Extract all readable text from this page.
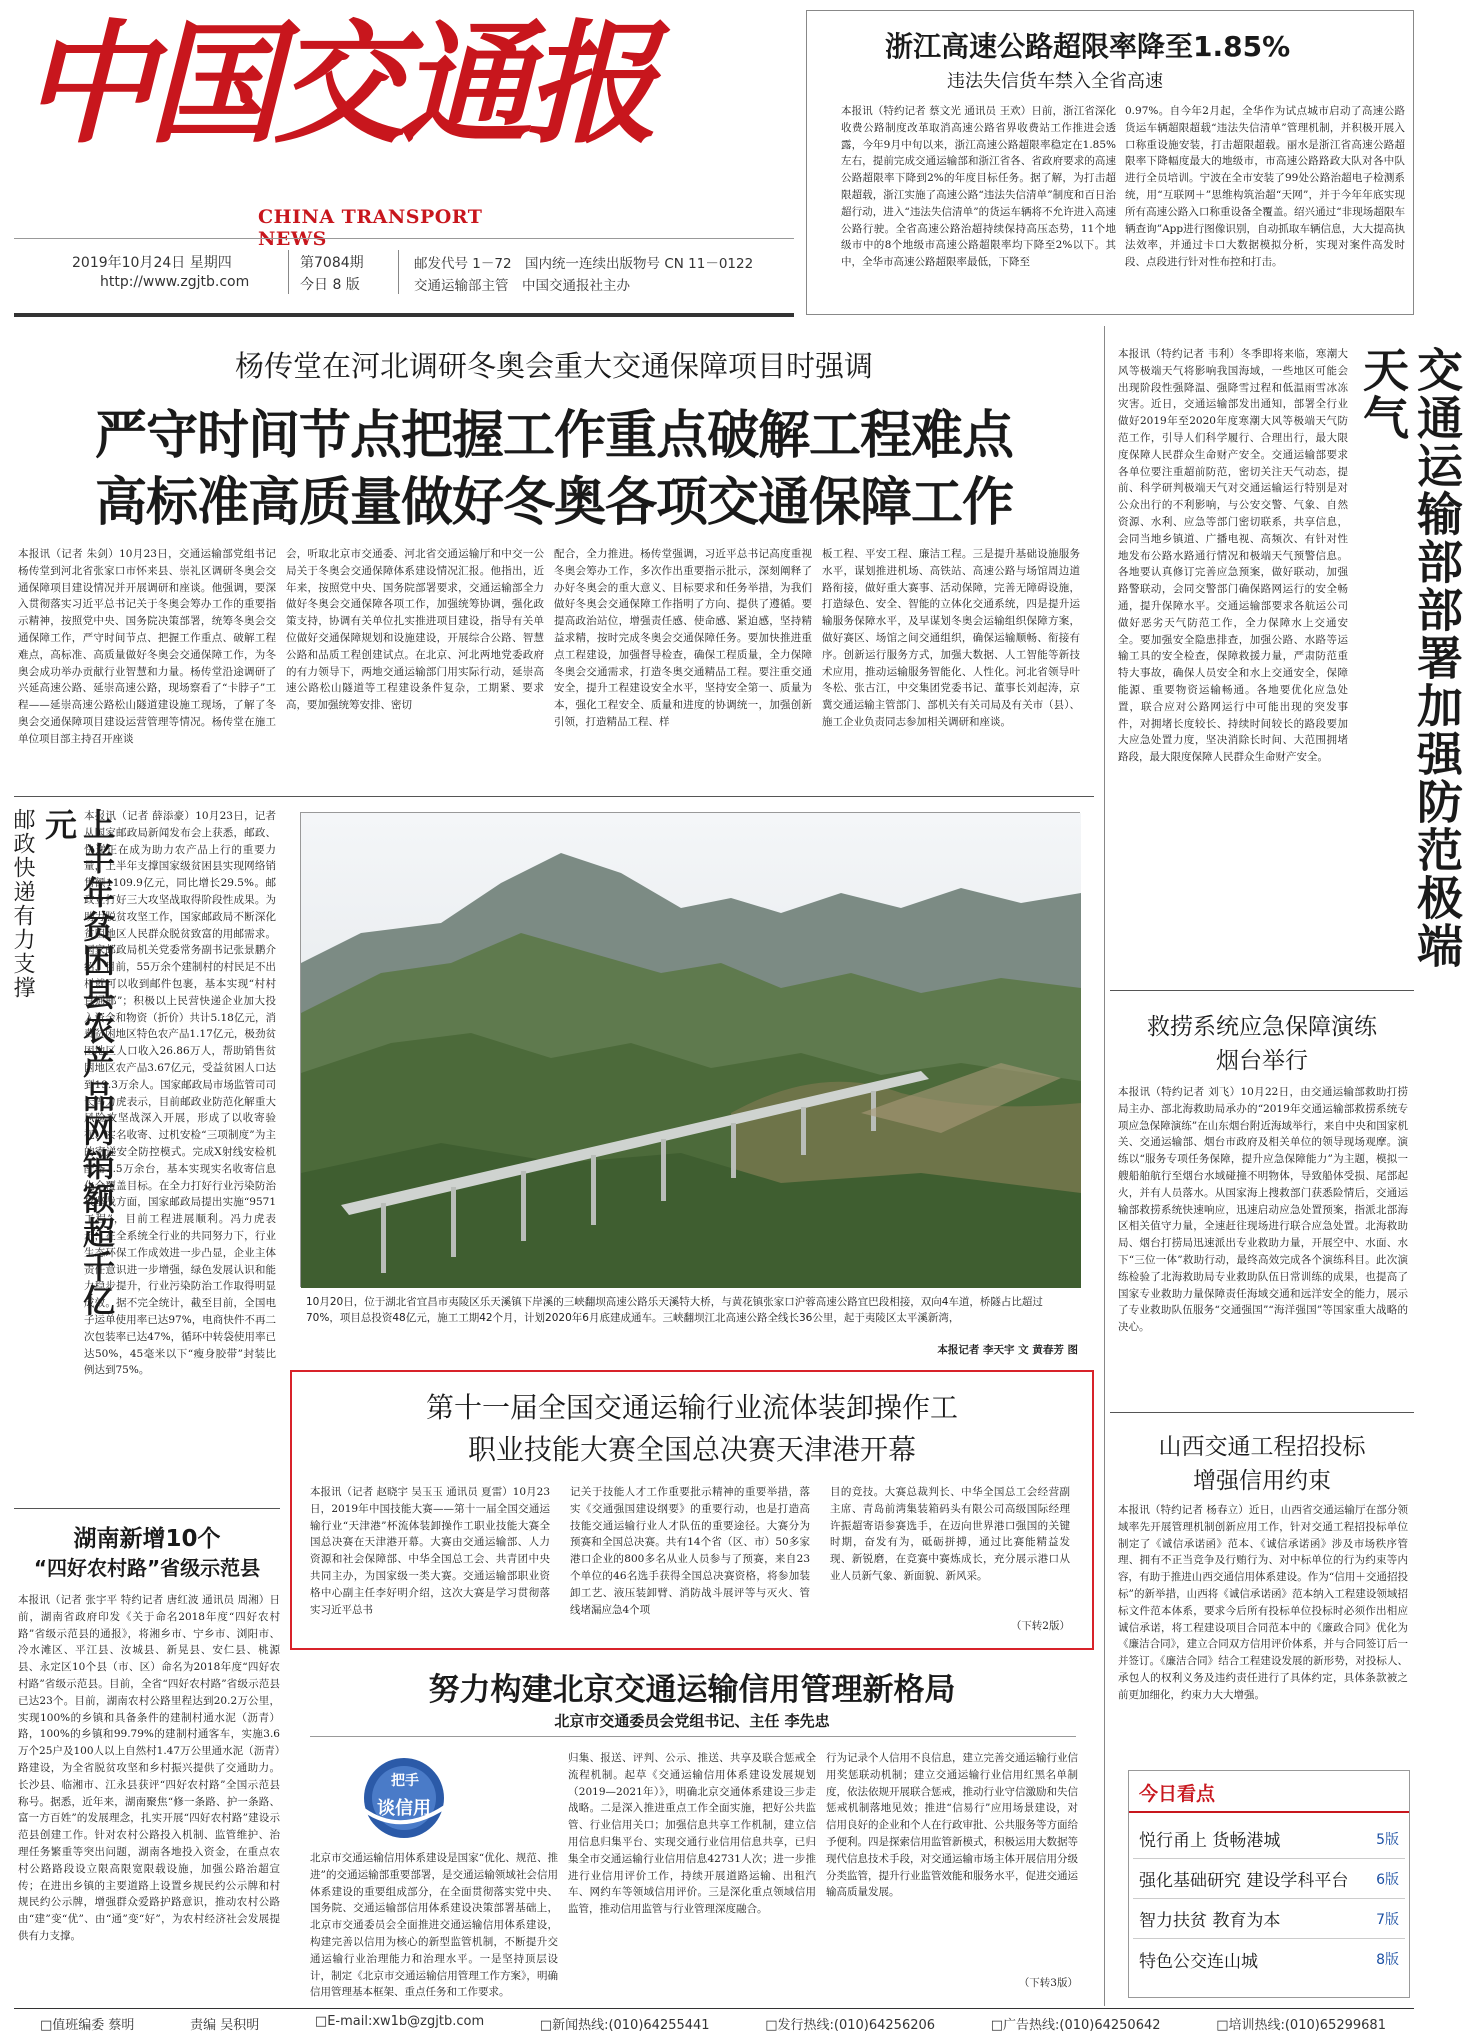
中国交通报
CHINA TRANSPORT NEWS
2019年10月24日 星期四
http://www.zgjtb.com
第7084期
今日 8 版
邮发代号 1－72　国内统一连续出版物号 CN 11－0122
交通运输部主管　中国交通报社主办
浙江高速公路超限率降至1.85%
违法失信货车禁入全省高速
本报讯（特约记者 蔡文光 通讯员 王欢）日前，浙江省深化收费公路制度改革取消高速公路省界收费站工作推进会透露，今年9月中旬以来，浙江高速公路超限率稳定在1.85%左右，提前完成交通运输部和浙江省各、省政府要求的高速公路超限率下降到2%的年度目标任务。据了解，为打击超限超载，浙江实施了高速公路“违法失信清单”制度和百日治超行动，进入“违法失信清单”的货运车辆将不允许进入高速公路行驶。全省高速公路治超持续保持高压态势，11个地级市中的8个地级市高速公路超限率均下降至2%以下。其中，全华市高速公路超限率最低，下降至
0.97%。自今年2月起，全华作为试点城市启动了高速公路货运车辆超限超载“违法失信清单”管理机制，并积极开展入口称重设施安装，打击超限超载。丽水是浙江省高速公路超限率下降幅度最大的地级市，市高速公路路政大队对各中队进行全员培训。宁波在全市安装了99处公路治超电子检测系统，用“互联网＋”思维构筑治超“天网”，并于今年年底实现所有高速公路入口称重设备全覆盖。绍兴通过“非现场超限车辆查询”App进行图像识别，自动抓取车辆信息，大大提高执法效率，并通过卡口大数据模拟分析，实现对案件高发时段、点段进行针对性布控和打击。
杨传堂在河北调研冬奥会重大交通保障项目时强调
严守时间节点把握工作重点破解工程难点
高标准高质量做好冬奥各项交通保障工作
本报讯（记者 朱剑）10月23日，交通运输部党组书记杨传堂到河北省张家口市怀来县、崇礼区调研冬奥会交通保障项目建设情况并开展调研和座谈。他强调，要深入贯彻落实习近平总书记关于冬奥会筹办工作的重要指示精神，按照党中央、国务院决策部署，统筹冬奥会交通保障工作，严守时间节点、把握工作重点、破解工程难点，高标准、高质量做好冬奥会交通保障工作，为冬奥会成功举办贡献行业智慧和力量。杨传堂沿途调研了兴延高速公路、延崇高速公路，现场察看了“卡脖子”工程——延崇高速公路松山隧道建设施工现场，了解了冬奥会交通保障项目建设运营管理等情况。杨传堂在施工单位项目部主持召开座谈
会，听取北京市交通委、河北省交通运输厅和中交一公局关于冬奥会交通保障体系建设情况汇报。他指出，近年来，按照党中央、国务院部署要求，交通运输部全力做好冬奥会交通保障各项工作，加强统筹协调，强化政策支持，协调有关单位扎实推进项目建设，指导有关单位做好交通保障规划和设施建设，开展综合公路、智慧公路和品质工程创建试点。在北京、河北两地党委政府的有力领导下，两地交通运输部门用实际行动，延崇高速公路松山隧道等工程建设条件复杂，工期紧、要求高，要加强统筹安排、密切
配合，全力推进。杨传堂强调，习近平总书记高度重视冬奥会筹办工作，多次作出重要指示批示，深刻阐释了办好冬奥会的重大意义、目标要求和任务举措，为我们做好冬奥会交通保障工作指明了方向、提供了遵循。要提高政治站位，增强责任感、使命感、紧迫感，坚持精益求精，按时完成冬奥会交通保障任务。要加快推进重点工程建设，加强督导检查，确保工程质量，全力保障冬奥会交通需求，打造冬奥交通精品工程。要注重交通安全，提升工程建设安全水平，坚持安全第一、质量为本，强化工程安全、质量和进度的协调统一，加强创新引领，打造精品工程、样
板工程、平安工程、廉洁工程。三是提升基础设施服务水平，谋划推进机场、高铁站、高速公路与场馆周边道路衔接，做好重大赛事、活动保障，完善无障碍设施，打造绿色、安全、智能的立体化交通系统，四是提升运输服务保障水平，及早谋划冬奥会运输组织保障方案，做好赛区、场馆之间交通组织，确保运输顺畅、衔接有序。创新运行服务方式，加强大数据、人工智能等新技术应用，推动运输服务智能化、人性化。河北省领导叶冬松、张古江，中交集团党委书记、董事长刘起涛，京冀交通运输主管部门、部机关有关司局及有关市（县）、施工企业负责同志参加相关调研和座谈。	交通运输部部署加强防范极端天气
本报讯（特约记者 韦利）冬季即将来临，寒潮大风等极端天气将影响我国海域，一些地区可能会出现阶段性强降温、强降雪过程和低温雨雪冰冻灾害。近日，交通运输部发出通知，部署全行业做好2019年至2020年度寒潮大风等极端天气防范工作，引导人们科学履行、合理出行，最大限度保障人民群众生命财产安全。交通运输部要求各单位要注重超前防范，密切关注天气动态，提前、科学研判极端天气对交通运输运行特别是对公众出行的不利影响，与公安交警、气象、自然资源、水利、应急等部门密切联系，共享信息，会同当地乡镇道、广播电视、高频次、有针对性地发布公路水路通行情况和极端天气预警信息。各地要认真修订完善应急预案，做好联动，加强路警联动，会同交警部门确保路网运行的安全畅通，提升保障水平。交通运输部要求各航运公司做好恶劣天气防范工作，全力保障水上交通安全。要加强安全隐患排查，加强公路、水路等运输工具的安全检查，保障救援力量，严肃防范重特大事故，确保人员安全和水上交通安全，保障能源、重要物资运输畅通。各地要优化应急处置，联合应对公路网运行中可能出现的突发事件，对拥堵长度较长、持续时间较长的路段要加大应急处置力度，坚决消除长时间、大范围拥堵路段，最大限度保障人民群众生命财产安全。
救捞系统应急保障演练
烟台举行
本报讯（特约记者 刘飞）10月22日，由交通运输部救助打捞局主办、部北海救助局承办的“2019年交通运输部救捞系统专项应急保障演练”在山东烟台附近海域举行，来自中央和国家机关、交通运输部、烟台市政府及相关单位的领导现场观摩。演练以“服务专项任务保障，提升应急保障能力”为主题，模拟一艘船舶航行至烟台水域碰撞不明物体，导致船体受损、尾部起火，并有人员落水。从国家海上搜救部门获悉险情后，交通运输部救捞系统快速响应，迅速启动应急处置预案，指派北部海区相关值守力量，全速赶往现场进行联合应急处置。北海救助局、烟台打捞局迅速派出专业救助力量，开展空中、水面、水下“三位一体”救助行动，最终高效完成各个演练科目。此次演练检验了北海救助局专业救助队伍日常训练的成果，也提高了国家专业救助力量保障责任海域交通和远洋安全的能力，展示了专业救助队伍服务“交通强国”“海洋强国”等国家重大战略的决心。
山西交通工程招投标
增强信用约束
本报讯（特约记者 杨春立）近日，山西省交通运输厅在部分领域率先开展管理机制创新应用工作，针对交通工程招投标单位制定了《诚信承诺函》范本、《诚信承诺函》涉及市场秩序管理、拥有不正当竞争及行贿行为、对中标单位的行为约束等内容，有助于推进山西交通信用体系建设。作为“信用＋交通招投标”的新举措，山西将《诚信承诺函》范本纳入工程建设领域招标文件范本体系，要求今后所有投标单位投标时必须作出相应诚信承诺，将工程建设项目合同范本中的《廉政合同》优化为《廉洁合同》，建立合同双方信用评价体系，并与合同签订后一并签订。《廉洁合同》结合工程建设发展的新形势，对投标人、承包人的权利义务及违约责任进行了具体约定，具体条款被之前更加细化，约束力大大增强。
今日看点
悦行甬上 货畅港城	5版
强化基础研究 建设学科平台 6版
智力扶贫 教育为本	7版
特色公交连山城	8版
邮政快递有力支撑	上半年贫困县农产品网销额超千亿元 本报讯（记者 薛添豪）10月23日，记者从国家邮政局新闻发布会上获悉，邮政、快递正在成为助力农产品上行的重要力量，上半年支撑国家级贫困县实现网络销售额1109.9亿元，同比增长29.5%。邮政业打好三大攻坚战取得阶段性成果。为助力脱贫攻坚工作，国家邮政局不断深化贫困地区人民群众脱贫致富的用邮需求。国家邮政局机关党委常务副书记张景鹏介绍，目前，55万余个建制村的村民足不出村就可以收到邮件包裹，基本实现“村村直通邮”；积极以上民营快递企业加大投入资金和物资（折价）共计5.18亿元，消费贫困地区特色农产品1.17亿元，极劲贫困地区人口收入26.86万人，帮助销售贫困地区农产品3.67亿元，受益贫困人口达到19.3万余人。国家邮政局市场监管司司长冯力虎表示，目前邮政业防范化解重大风险攻坚战深入开展，形成了以收寄验视、实名收寄、过机安检“三项制度”为主的寄递安全防控模式。完成X射线安检机配备1.5万余台，基本实现实名收寄信息化全覆盖目标。在全力打好行业污染防治攻坚战方面，国家邮政局提出实施“9571工程”，目前工程进展顺利。冯力虎表示，在全系统全行业的共同努力下，行业生态环保工作成效进一步凸显，企业主体责任意识进一步增强，绿色发展认识和能力稳步提升，行业污染防治工作取得明显成效。据不完全统计，截至目前，全国电子运单使用率已达97%，电商快件不再二次包装率已达47%，循环中转袋使用率已达50%，45毫米以下“瘦身胶带”封装比例达到75%。
10月20日，位于湖北省宜昌市夷陵区乐天溪镇下岸溪的三峡翻坝高速公路乐天溪特大桥，与黄花镇张家口沪蓉高速公路宜巴段相接，双向4车道，桥隧占比超过70%，项目总投资48亿元，施工工期42个月，计划2020年6月底建成通车。三峡翻坝江北高速公路全线长36公里，起于夷陵区太平溪新湾，
本报记者 李天宇 文 黄春芳 图
第十一届全国交通运输行业流体装卸操作工
职业技能大赛全国总决赛天津港开幕
本报讯（记者 赵晓宇 吴玉玉 通讯员 夏雷）10月23日，2019年中国技能大赛——第十一届全国交通运输行业“天津港”杯流体装卸操作工职业技能大赛全国总决赛在天津港开幕。大赛由交通运输部、人力资源和社会保障部、中华全国总工会、共青团中央共同主办，为国家级一类大赛。交通运输部职业资格中心副主任李好明介绍，这次大赛是学习贯彻落实习近平总书
记关于技能人才工作重要批示精神的重要举措，落实《交通强国建设纲要》的重要行动，也是打造高技能交通运输行业人才队伍的重要途径。大赛分为预赛和全国总决赛。共有14个省（区、市）50多家港口企业的800多名从业人员参与了预赛，来自23个单位的46名选手获得全国总决赛资格，将参加装卸工艺、液压装卸臂、消防战斗展评等与灭火、管线堵漏应急4个项
目的竞技。大赛总裁判长、中华全国总工会经营副主席、青岛前湾集装箱码头有限公司高级国际经理许振超寄语参赛选手，在迈向世界港口强国的关键时期，奋发有为，砥砺拼搏，通过比赛能精益发现、新锐磨，在竞赛中赛炼成长，充分展示港口从业人员新气象、新面貌、新风采。
（下转2版）
湖南新增10个
“四好农村路”省级示范县
本报讯（记者 张宇平 特约记者 唐红波 通讯员 周湘）日前，湖南省政府印发《关于命名2018年度“四好农村路”省级示范县的通报》，将湘乡市、宁乡市、浏阳市、冷水滩区、平江县、汝城县、新晃县、安仁县、桃源县、永定区10个县（市、区）命名为2018年度“四好农村路”省级示范县。目前，全省“四好农村路”省级示范县已达23个。目前，湖南农村公路里程达到20.2万公里，实现100%的乡镇和具备条件的建制村通水泥（沥青）路，100%的乡镇和99.79%的建制村通客车，实施3.6万个25户及100人以上自然村1.47万公里通水泥（沥青）路建设，为全省脱贫攻坚和乡村振兴提供了交通助力。长沙县、临湘市、江永县获评“四好农村路”全国示范县称号。据悉，近年来，湖南聚焦“修一条路、护一条路、富一方百姓”的发展理念，扎实开展“四好农村路”建设示范县创建工作。针对农村公路投入机制、监管维护、治理任务繁重等突出问题，湖南各地投入资金，在重点农村公路路段设立限高限宽限载设施，加强公路治超宣传；在进出乡镇的主要道路上设置乡规民约公示牌和村规民约公示牌，增强群众爱路护路意识，推动农村公路由“建”变“优”、由“通”变“好”，为农村经济社会发展提供有力支撑。
努力构建北京交通运输信用管理新格局
北京市交通委员会党组书记、主任 李先忠
把手
谈信用
北京市交通运输信用体系建设是国家“优化、规范、推进”的交通运输部重要部署，是交通运输领域社会信用体系建设的重要组成部分，在全面贯彻落实党中央、国务院、交通运输部信用体系建设决策部署基础上，北京市交通委员会全面推进交通运输信用体系建设，构建完善以信用为核心的新型监管机制，不断提升交通运输行业治理能力和治理水平。一是坚持顶层设计，制定《北京市交通运输信用管理工作方案》，明确信用管理基本框架、重点任务和工作要求。
归集、报送、评判、公示、推送、共享及联合惩戒全流程机制。起草《交通运输信用体系建设发展规划（2019—2021年）》，明确北京交通体系建设三步走战略。二是深入推进重点工作全面实施，把好公共监管、行业信用关口；加强信息共享工作机制，建立信用信息归集平台、实现交通行业信用信息共享，已归集全市交通运输行业信用信息42731人次；进一步推进行业信用评价工作，持续开展道路运输、出租汽车、网约车等领域信用评价。三是深化重点领域信用监管，推动信用监管与行业管理深度融合。
行为记录个人信用不良信息，建立完善交通运输行业信用奖惩联动机制；建立交通运输行业信用红黑名单制度，依法依规开展联合惩戒，推动行业守信激励和失信惩戒机制落地见效；推进“信易行”应用场景建设，对信用良好的企业和个人在行政审批、公共服务等方面给予便利。四是探索信用监管新模式，积极运用大数据等现代信息技术手段，对交通运输市场主体开展信用分级分类监管，提升行业监管效能和服务水平，促进交通运输高质量发展。
（下转3版）
□值班编委 蔡明	责编 吴积明	□E-mail:xw1b@zgjtb.com	□新闻热线:(010)64255441	□发行热线:(010)64256206	□广告热线:(010)64250642	□培训热线:(010)65299681
